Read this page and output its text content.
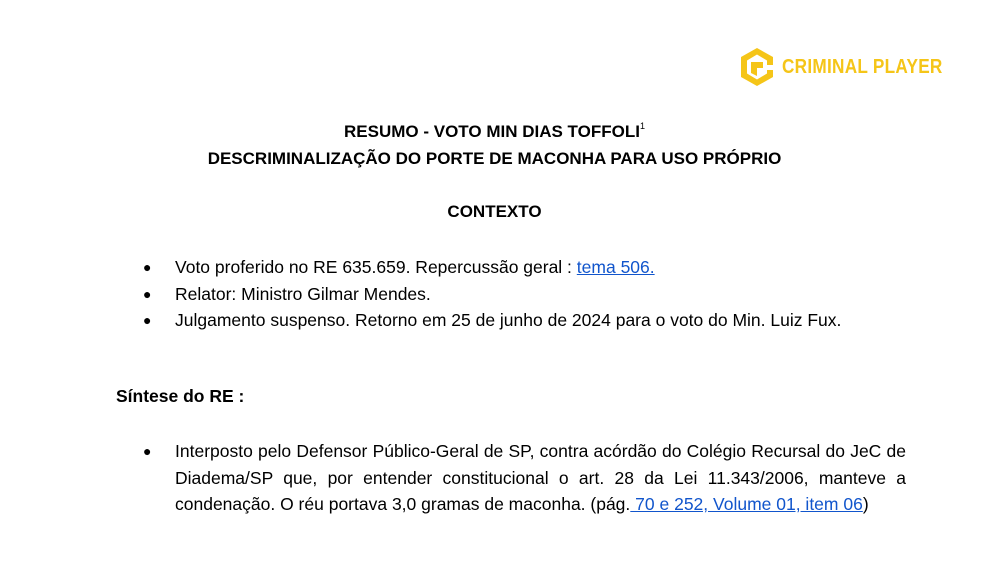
CRIMINAL PLAYER
RESUMO - VOTO MIN DIAS TOFFOLI$^1$
DESCRIMINALIZAÇÃO DO PORTE DE MACONHA PARA USO PRÓPRIO
CONTEXTO
● Voto proferido no RE 635.659. Repercussão geral : tema 506.
● Relator: Ministro Gilmar Mendes.
● Julgamento suspenso. Retorno em 25 de junho de 2024 para o voto do Min. Luiz Fux.
Síntese do RE :
● Interposto pelo Defensor Público-Geral de SP, contra acórdão do Colégio Recursal do JeC de Diadema/SP que, por entender constitucional o art. 28 da Lei 11.343/2006, manteve a condenação. O réu portava 3,0 gramas de maconha. (pág. 70 e 252, Volume 01, item 06)
